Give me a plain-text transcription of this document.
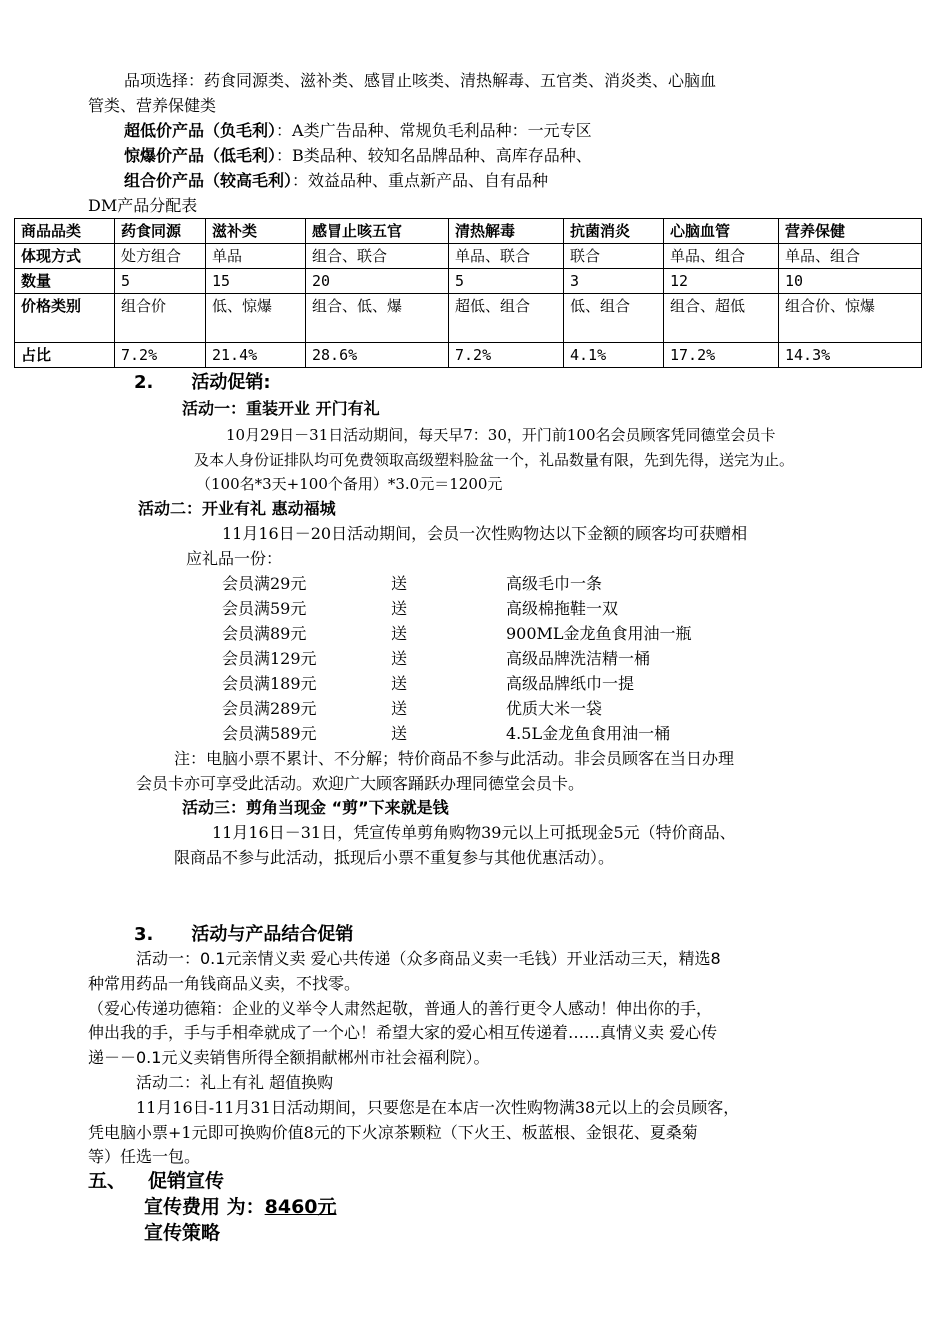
品项选择：药食同源类、滋补类、感冒止咳类、清热解毒、五官类、消炎类、心脑血
管类、营养保健类
超低价产品（负毛利）：A类广告品种、常规负毛利品种：一元专区
惊爆价产品（低毛利）：B类品种、较知名品牌品种、高库存品种、
组合价产品（较高毛利）：效益品种、重点新产品、自有品种
DM产品分配表
商品品类	药食同源	滋补类	感冒止咳五官	清热解毒	抗菌消炎	心脑血管	营养保健
体现方式	处方组合	单品	组合、联合	单品、联合	联合	单品、组合	单品、组合
数量	5	15	20	5	3	12	10
价格类别	组合价	低、惊爆	组合、低、爆	超低、组合	低、组合	组合、超低	组合价、惊爆
占比	7.2%	21.4%	28.6%	7.2%	4.1%	17.2%	14.3%
2. 活动促销:
活动一：重装开业 开门有礼
10月29日－31日活动期间，每天早7：30，开门前100名会员顾客凭同德堂会员卡
及本人身份证排队均可免费领取高级塑料脸盆一个，礼品数量有限，先到先得，送完为止。
（100名*3天+100个备用）*3.0元＝1200元
活动二：开业有礼 惠动福城
11月16日－20日活动期间，会员一次性购物达以下金额的顾客均可获赠相
应礼品一份：
会员满29元	送	高级毛巾一条
会员满59元	送	高级棉拖鞋一双
会员满89元	送	900ML金龙鱼食用油一瓶
会员满129元	送	高级品牌洗洁精一桶
会员满189元	送	高级品牌纸巾一提
会员满289元	送	优质大米一袋
会员满589元	送	4.5L金龙鱼食用油一桶
注：电脑小票不累计、不分解；特价商品不参与此活动。非会员顾客在当日办理
会员卡亦可享受此活动。欢迎广大顾客踊跃办理同德堂会员卡。
活动三：剪角当现金 “剪”下来就是钱
11月16日－31日，凭宣传单剪角购物39元以上可抵现金5元（特价商品、
限商品不参与此活动，抵现后小票不重复参与其他优惠活动）。
3. 活动与产品结合促销
活动一：0.1元亲情义卖 爱心共传递（众多商品义卖一毛钱）开业活动三天，精选8
种常用药品一角钱商品义卖，不找零。
（爱心传递功德箱：企业的义举令人肃然起敬，普通人的善行更令人感动！伸出你的手，
伸出我的手，手与手相牵就成了一个心！希望大家的爱心相互传递着……真情义卖 爱心传
递－－0.1元义卖销售所得全额捐献郴州市社会福利院）。
活动二：礼上有礼 超值换购
11月16日-11月31日活动期间，只要您是在本店一次性购物满38元以上的会员顾客，
凭电脑小票+1元即可换购价值8元的下火凉茶颗粒（下火王、板蓝根、金银花、夏桑菊
等）任选一包。
五、 促销宣传
宣传费用 为：8460元
宣传策略
